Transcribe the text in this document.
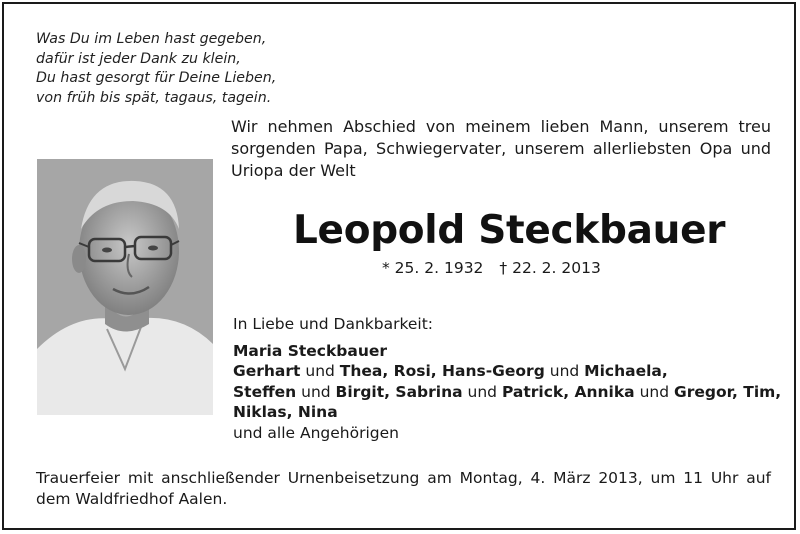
Was Du im Leben hast gegeben,
dafür ist jeder Dank zu klein,
Du hast gesorgt für Deine Lieben,
von früh bis spät, tagaus, tagein.

Wir nehmen Abschied von meinem lieben Mann, unserem treu sorgenden Papa, Schwiegervater, unserem allerliebsten Opa und Uriopa der Welt

Leopold Steckbauer
* 25. 2. 1932 † 22. 2. 2013
In Liebe und Dankbarkeit:
Maria Steckbauer
Gerhart und Thea, Rosi, Hans-Georg und Michaela,
Steffen und Birgit, Sabrina und Patrick, Annika und Gregor, Tim,
Niklas, Nina
und alle Angehörigen

Trauerfeier mit anschließender Urnenbeisetzung am Montag, 4. März 2013, um 11 Uhr auf dem Waldfriedhof Aalen.
